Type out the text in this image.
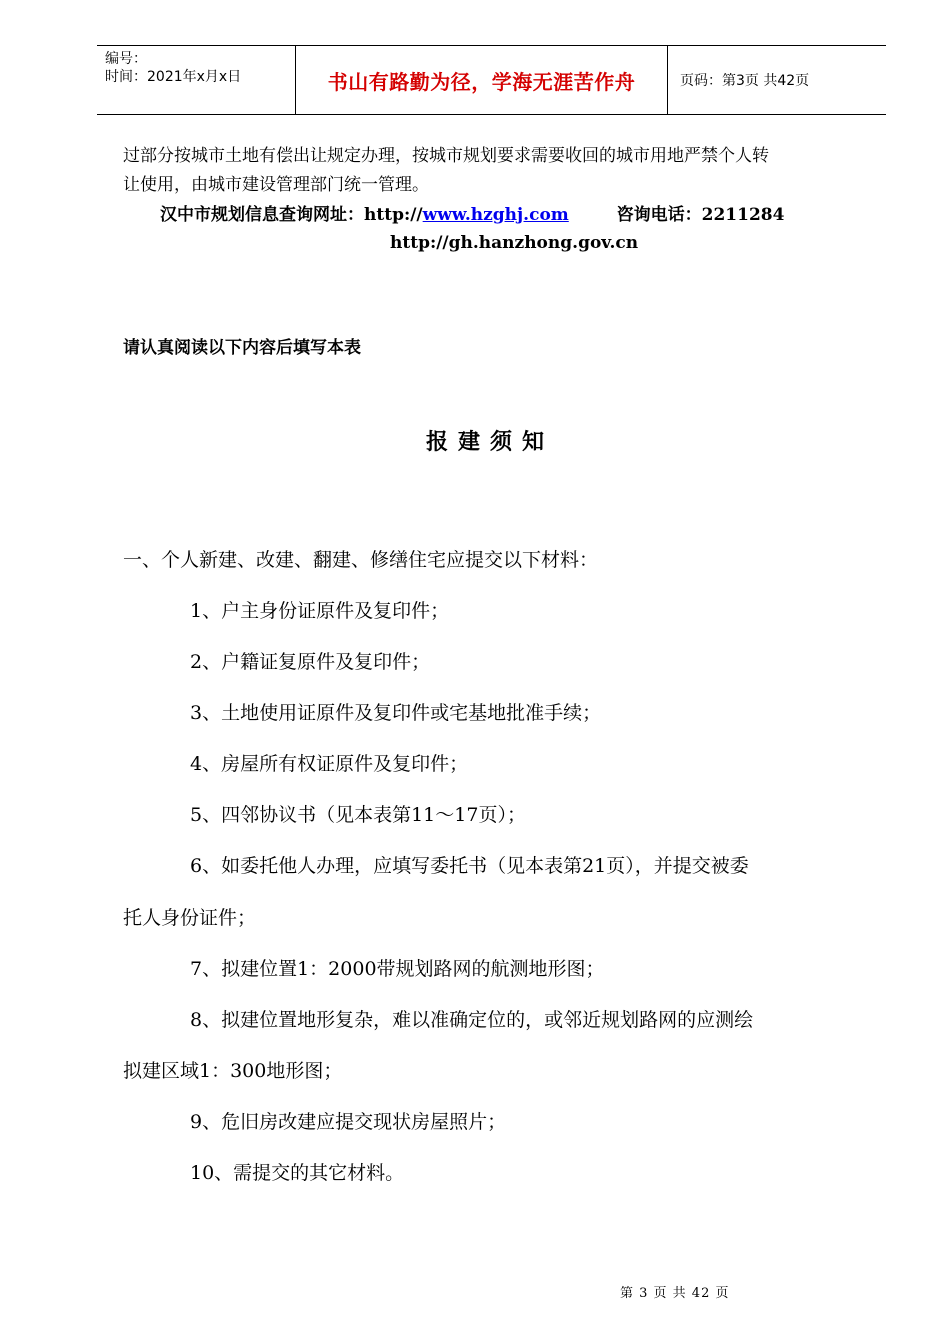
编号：
时间：2021年x月x日	书山有路勤为径，学海无涯苦作舟	页码：第3页 共42页
过部分按城市土地有偿出让规定办理，按城市规划要求需要收回的城市用地严禁个人转
让使用，由城市建设管理部门统一管理。
汉中市规划信息查询网址：http://www.hzghj.com	咨询电话：2211284
http://gh.hanzhong.gov.cn
请认真阅读以下内容后填写本表
报建须知
一、个人新建、改建、翻建、修缮住宅应提交以下材料：
1、户主身份证原件及复印件；
2、户籍证复原件及复印件；
3、土地使用证原件及复印件或宅基地批准手续；
4、房屋所有权证原件及复印件；
5、四邻协议书（见本表第11～17页）；
6、如委托他人办理，应填写委托书（见本表第21页），并提交被委
托人身份证件；
7、拟建位置1：2000带规划路网的航测地形图；
8、拟建位置地形复杂，难以准确定位的，或邻近规划路网的应测绘
拟建区域1：300地形图；
9、危旧房改建应提交现状房屋照片；
10、需提交的其它材料。
第 3 页 共 42 页
